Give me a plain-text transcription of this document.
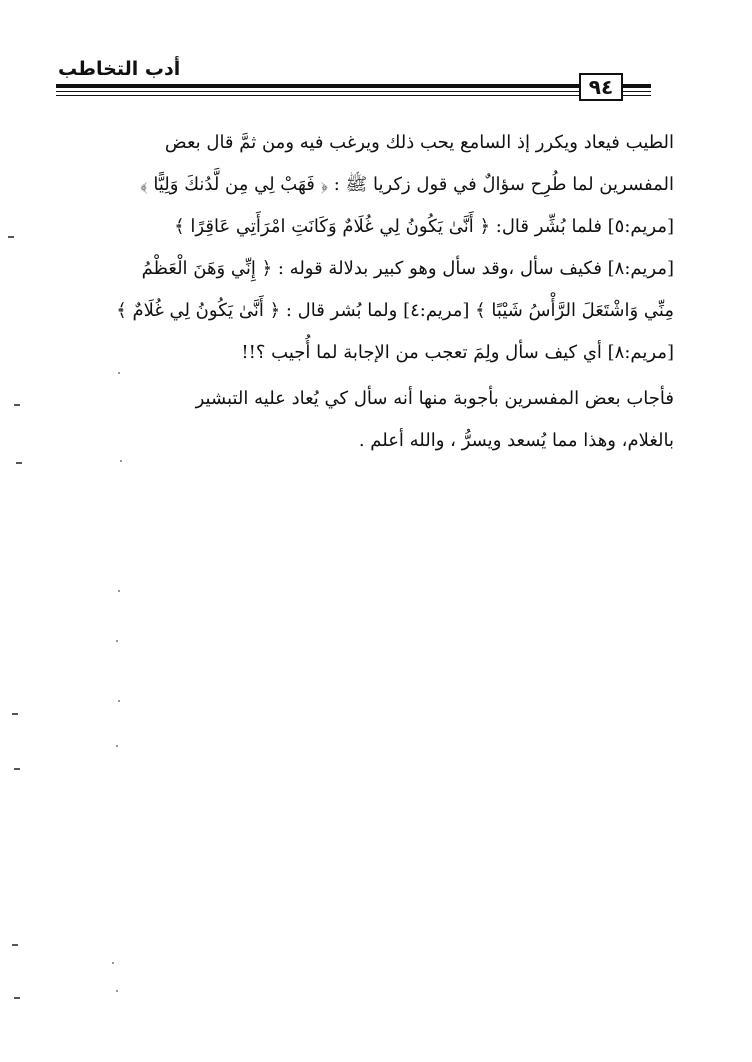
أدب التخاطب
٩٤
الطيب فيعاد ويكرر إذ السامع يحب ذلك ويرغب فيه ومن ثمَّ قال بعض
المفسرين لما طُرِح سؤالٌ في قول زكريا ﷺ : ﴿ فَهَبْ لِي مِن لَّدُنكَ وَلِيًّا ﴾
[مريم:٥] فلما بُشِّر قال: ﴿ أَنَّىٰ يَكُونُ لِي غُلَامٌ وَكَانَتِ امْرَأَتِي عَاقِرًا ﴾
[مريم:٨] فكيف سأل ،وقد سأل وهو كبير بدلالة قوله : ﴿ إِنِّي وَهَنَ الْعَظْمُ
مِنِّي وَاشْتَعَلَ الرَّأْسُ شَيْبًا ﴾ [مريم:٤] ولما بُشر قال : ﴿ أَنَّىٰ يَكُونُ لِي غُلَامٌ ﴾
[مريم:٨] أي كيف سأل ولِمَ تعجب من الإجابة لما أُجيب ؟!!
فأجاب بعض المفسرين بأجوبة منها أنه سأل كي يُعاد عليه التبشير
بالغلام، وهذا مما يُسعد ويسرُّ ، والله أعلم .
